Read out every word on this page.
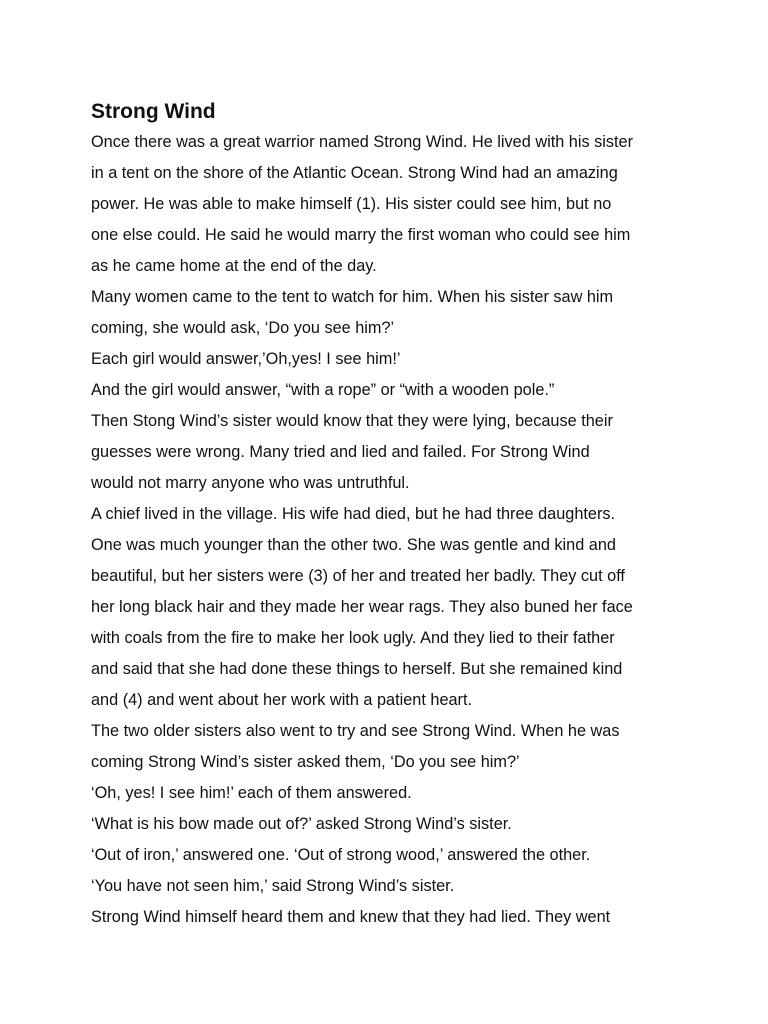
Strong Wind

Once there was a great warrior named Strong Wind. He lived with his sister

in a tent on the shore of the Atlantic Ocean. Strong Wind had an amazing

power. He was able to make himself (1). His sister could see him, but no

one else could. He said he would marry the first woman who could see him

as he came home at the end of the day.

Many women came to the tent to watch for him. When his sister saw him

coming, she would ask, ‘Do you see him?’

Each girl would answer,’Oh,yes! I see him!’

And the girl would answer, “with a rope” or “with a wooden pole.”

Then Stong Wind’s sister would know that they were lying, because their

guesses were wrong. Many tried and lied and failed. For Strong Wind

would not marry anyone who was untruthful.

A chief lived in the village. His wife had died, but he had three daughters.

One was much younger than the other two. She was gentle and kind and

beautiful, but her sisters were (3) of her and treated her badly. They cut off

her long black hair and they made her wear rags. They also buned her face

with coals from the fire to make her look ugly. And they lied to their father

and said that she had done these things to herself. But she remained kind

and (4) and went about her work with a patient heart.

The two older sisters also went to try and see Strong Wind. When he was

coming Strong Wind’s sister asked them, ‘Do you see him?’

‘Oh, yes! I see him!’ each of them answered.

‘What is his bow made out of?’ asked Strong Wind’s sister.

‘Out of iron,’ answered one. ‘Out of strong wood,’ answered the other.

‘You have not seen him,’ said Strong Wind’s sister.

Strong Wind himself heard them and knew that they had lied. They went
